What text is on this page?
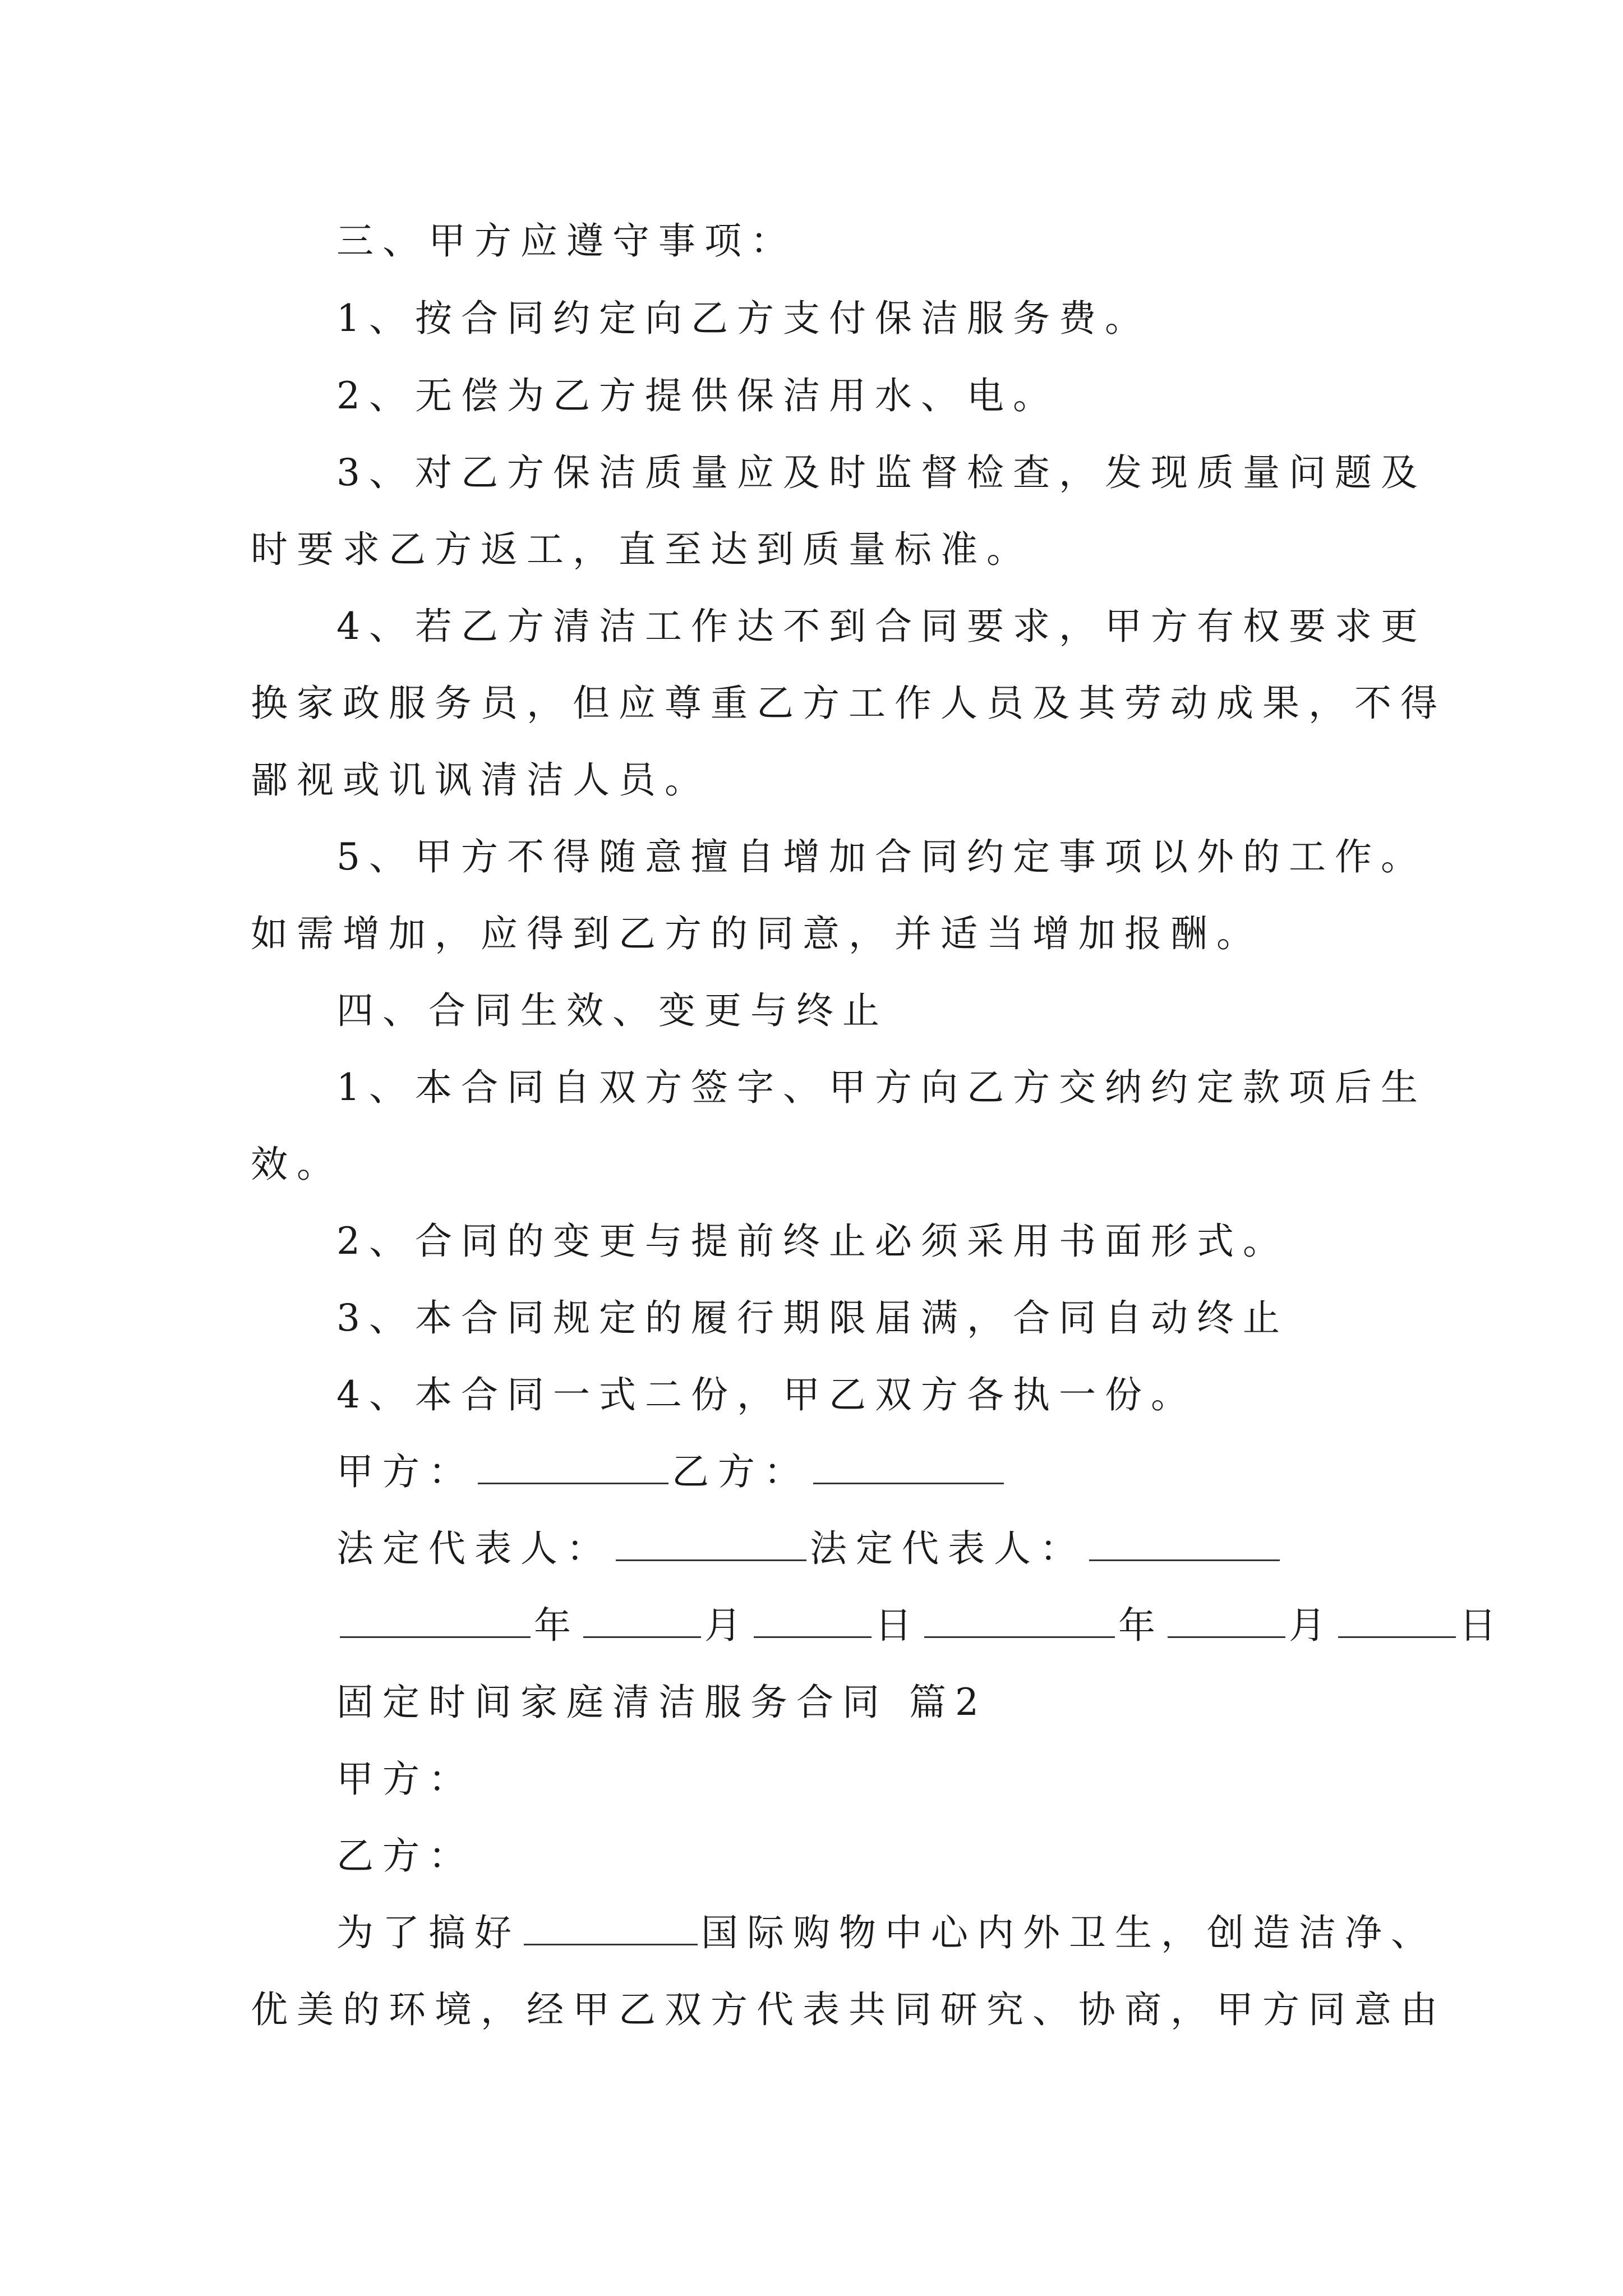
三、甲方应遵守事项：
1、按合同约定向乙方支付保洁服务费。
2、无偿为乙方提供保洁用水、电。
3、对乙方保洁质量应及时监督检查，发现质量问题及
时要求乙方返工，直至达到质量标准。
4、若乙方清洁工作达不到合同要求，甲方有权要求更
换家政服务员，但应尊重乙方工作人员及其劳动成果，不得
鄙视或讥讽清洁人员。
5、甲方不得随意擅自增加合同约定事项以外的工作。
如需增加，应得到乙方的同意，并适当增加报酬。
四、合同生效、变更与终止
1、本合同自双方签字、甲方向乙方交纳约定款项后生
效。
2、合同的变更与提前终止必须采用书面形式。
3、本合同规定的履行期限届满，合同自动终止
4、本合同一式二份，甲乙双方各执一份。
甲方：	乙方：
法定代表人：	法定代表人：
年	月	日	年	月	日
固定时间家庭清洁服务合同 篇2
甲方：
乙方：
为了搞好	国际购物中心内外卫生，创造洁净、
优美的环境，经甲乙双方代表共同研究、协商，甲方同意由
